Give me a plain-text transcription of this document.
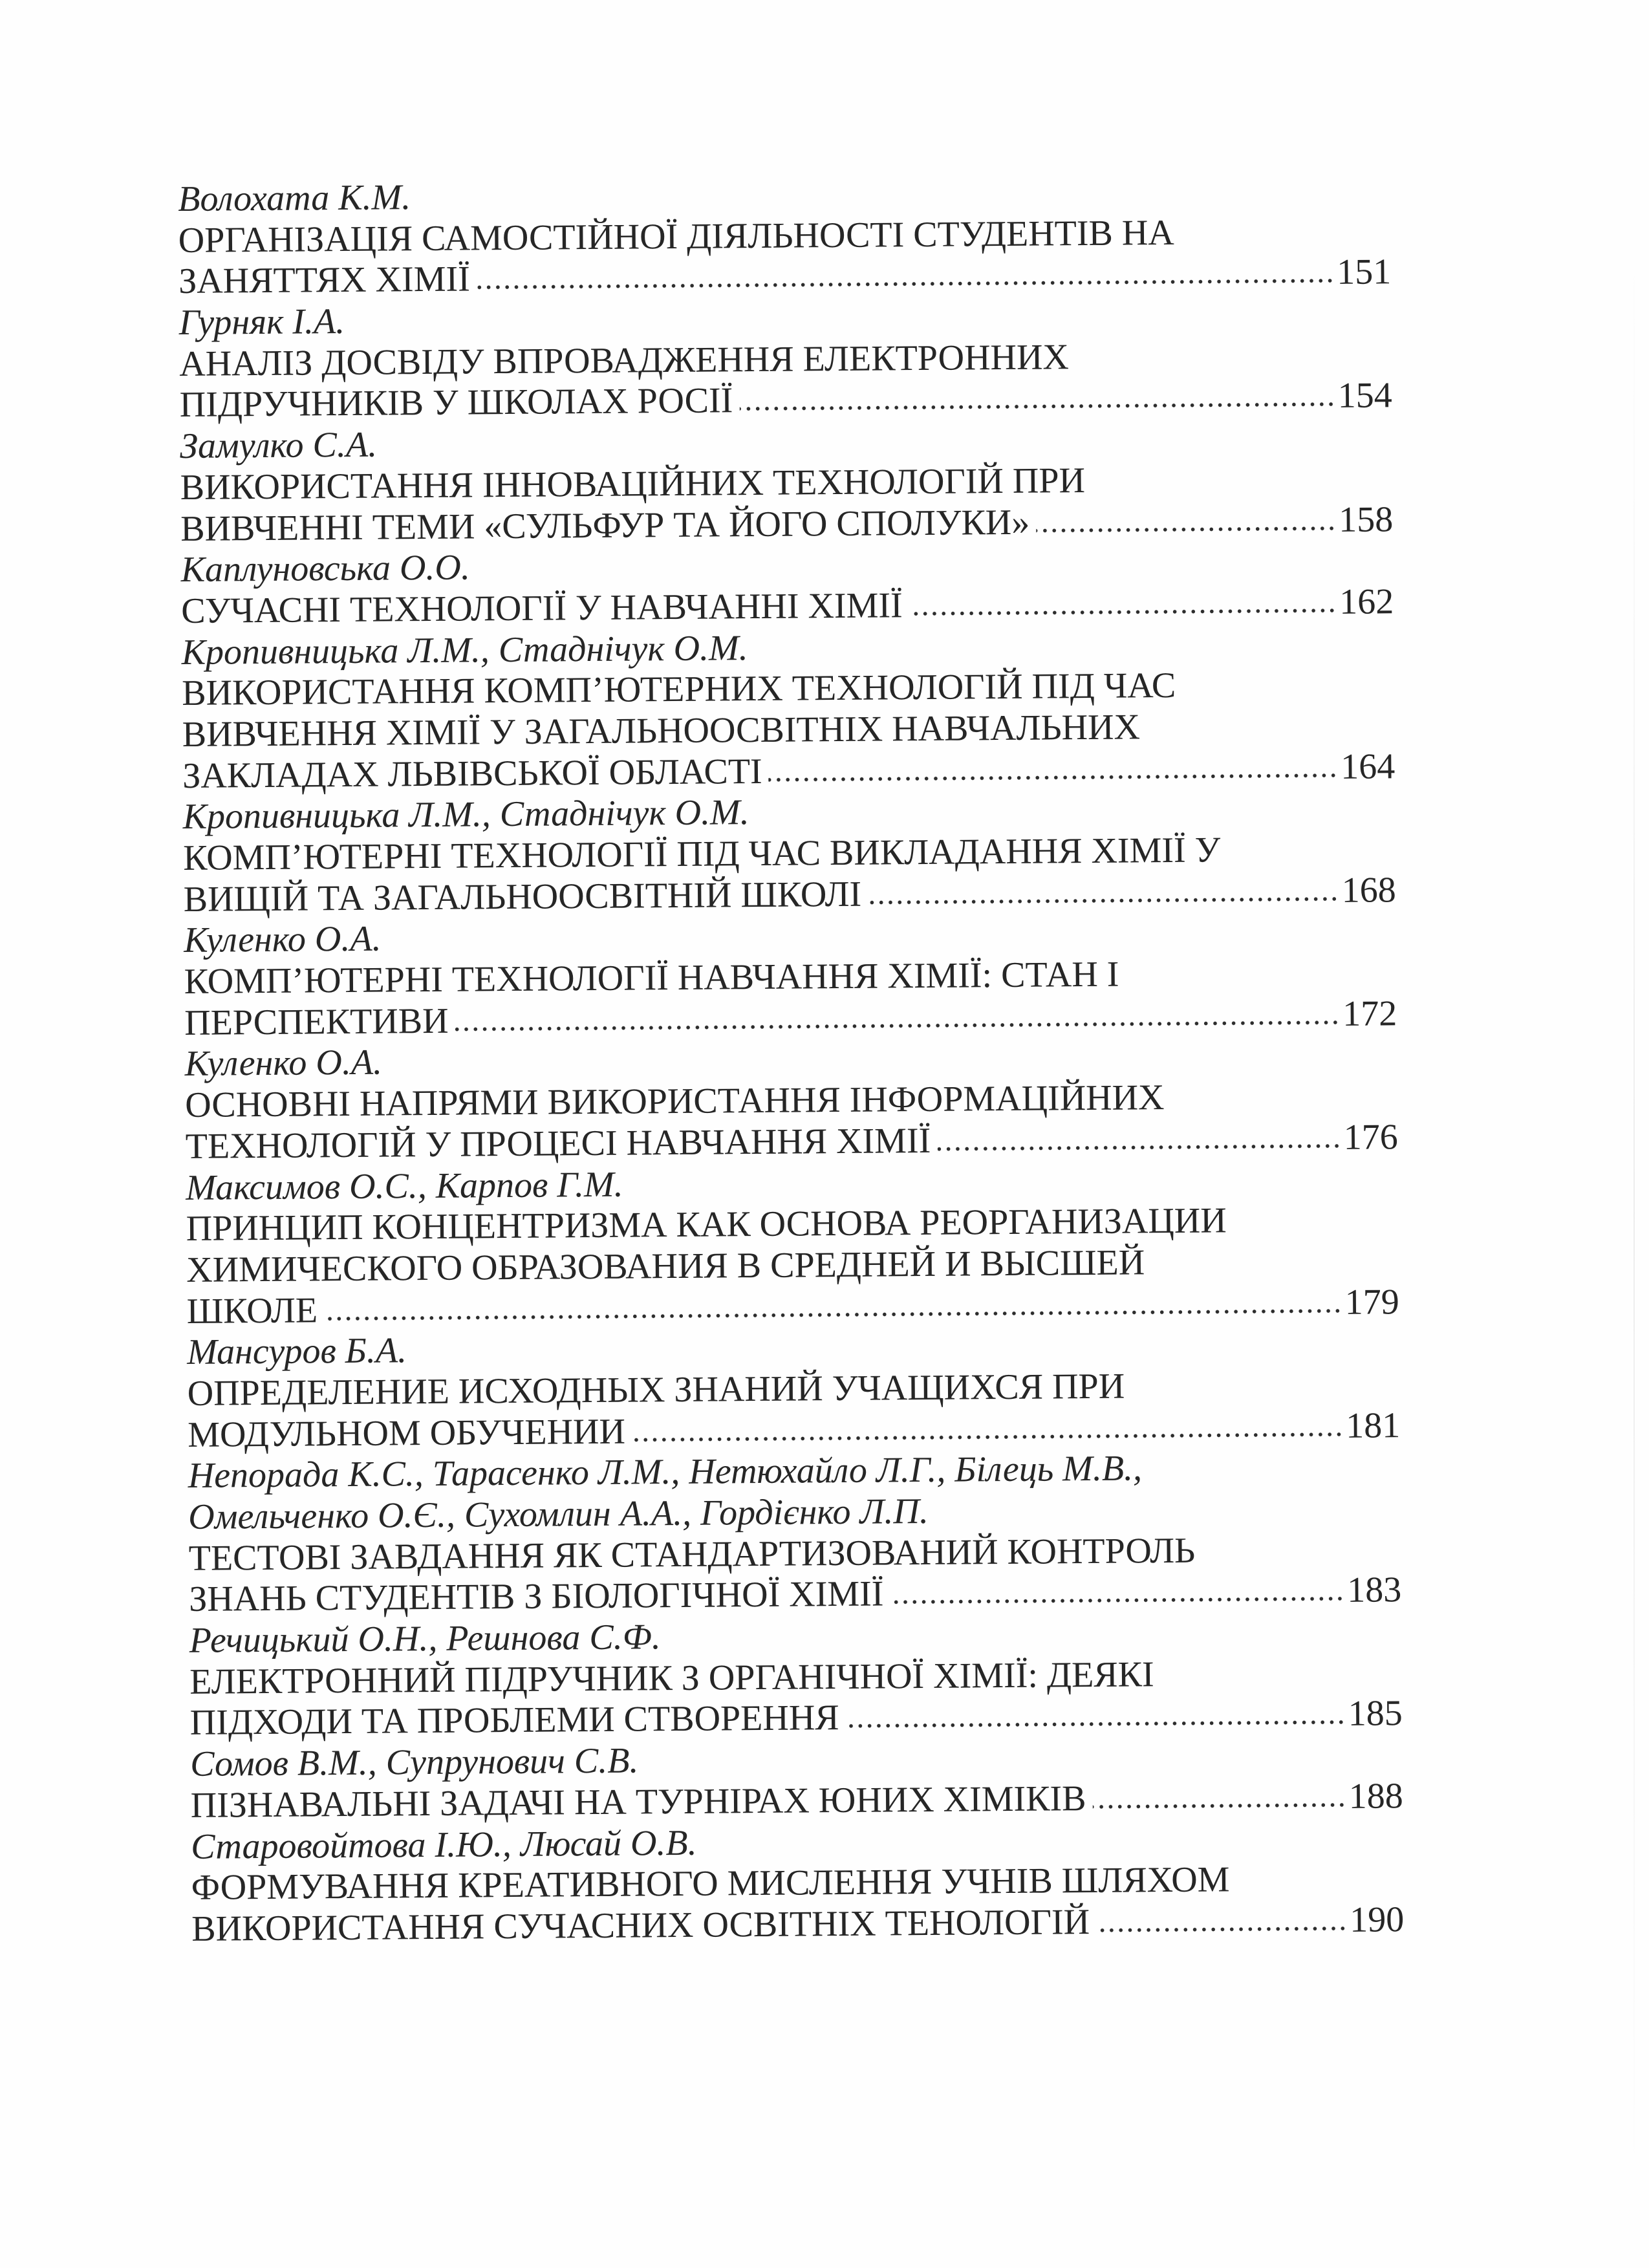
Волохата К.М.
ОРГАНІЗАЦІЯ САМОСТІЙНОЇ ДІЯЛЬНОСТІ СТУДЕНТІВ НА
ЗАНЯТТЯХ ХІМІЇ	151
Гурняк І.А.
АНАЛІЗ ДОСВІДУ ВПРОВАДЖЕННЯ ЕЛЕКТРОННИХ
ПІДРУЧНИКІВ У ШКОЛАХ РОСІЇ	154
Замулко С.А.
ВИКОРИСТАННЯ ІННОВАЦІЙНИХ ТЕХНОЛОГІЙ ПРИ
ВИВЧЕННІ ТЕМИ «СУЛЬФУР ТА ЙОГО СПОЛУКИ»	158
Каплуновська О.О.
СУЧАСНІ ТЕХНОЛОГІЇ У НАВЧАННІ ХІМІЇ	162
Кропивницька Л.М., Стаднічук О.М.
ВИКОРИСТАННЯ КОМП’ЮТЕРНИХ ТЕХНОЛОГІЙ ПІД ЧАС
ВИВЧЕННЯ ХІМІЇ У ЗАГАЛЬНООСВІТНІХ НАВЧАЛЬНИХ
ЗАКЛАДАХ ЛЬВІВСЬКОЇ ОБЛАСТІ	164
Кропивницька Л.М., Стаднічук О.М.
КОМП’ЮТЕРНІ ТЕХНОЛОГІЇ ПІД ЧАС ВИКЛАДАННЯ ХІМІЇ У
ВИЩІЙ ТА ЗАГАЛЬНООСВІТНІЙ ШКОЛІ	168
Куленко О.А.
КОМП’ЮТЕРНІ ТЕХНОЛОГІЇ НАВЧАННЯ ХІМІЇ: СТАН І
ПЕРСПЕКТИВИ	172
Куленко О.А.
ОСНОВНІ НАПРЯМИ ВИКОРИСТАННЯ ІНФОРМАЦІЙНИХ
ТЕХНОЛОГІЙ У ПРОЦЕСІ НАВЧАННЯ ХІМІЇ	176
Максимов О.С., Карпов Г.М.
ПРИНЦИП КОНЦЕНТРИЗМА КАК ОСНОВА РЕОРГАНИЗАЦИИ
ХИМИЧЕСКОГО ОБРАЗОВАНИЯ В СРЕДНЕЙ И ВЫСШЕЙ
ШКОЛЕ	179
Мансуров Б.А.
ОПРЕДЕЛЕНИЕ ИСХОДНЫХ ЗНАНИЙ УЧАЩИХСЯ ПРИ
МОДУЛЬНОМ ОБУЧЕНИИ	181
Непорада К.С., Тарасенко Л.М., Нетюхайло Л.Г., Білець М.В.,
Омельченко О.Є., Сухомлин А.А., Гордієнко Л.П.
ТЕСТОВІ ЗАВДАННЯ ЯК СТАНДАРТИЗОВАНИЙ КОНТРОЛЬ
ЗНАНЬ СТУДЕНТІВ З БІОЛОГІЧНОЇ ХІМІЇ	183
Речицький О.Н., Решнова С.Ф.
ЕЛЕКТРОННИЙ ПІДРУЧНИК З ОРГАНІЧНОЇ ХІМІЇ: ДЕЯКІ
ПІДХОДИ ТА ПРОБЛЕМИ СТВОРЕННЯ	185
Сомов В.М., Супрунович С.В.
ПІЗНАВАЛЬНІ ЗАДАЧІ НА ТУРНІРАХ ЮНИХ ХІМІКІВ	188
Старовойтова І.Ю., Люсай О.В.
ФОРМУВАННЯ КРЕАТИВНОГО МИСЛЕННЯ УЧНІВ ШЛЯХОМ
ВИКОРИСТАННЯ СУЧАСНИХ ОСВІТНІХ ТЕНОЛОГІЙ	190
